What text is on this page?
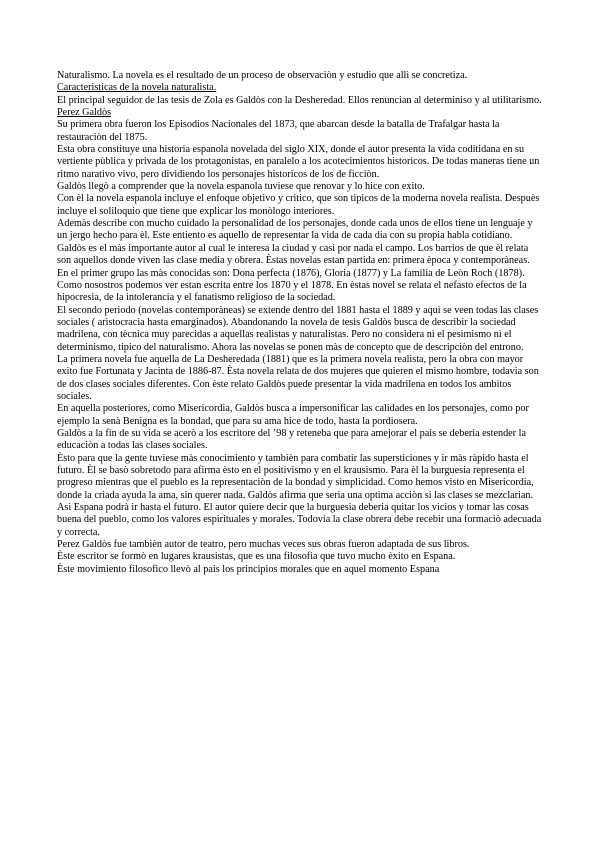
Naturalismo. La novela es el resultado de un proceso de observaciòn y estudio que allì se concretiza.

Caracteristicas de la novela naturalista.

El principal seguidor de las tesis de Zola es Galdòs con la Desheredad. Ellos renuncian al determiniso y al utilitarismo.

Perez Galdòs

Su primera obra fueron los Episodios Nacionales del 1873, que abarcan desde la batalla de Trafalgar hasta la restauraciòn del 1875.

Esta obra constituye una historia espanola novelada del siglo XIX, donde el autor presenta la vida coditidana en su vertiente pùblica y privada de los protagonistas, en paralelo a los acotecimientos historicos. De todas maneras tiene un ritmo narativo vivo, pero dividiendo los personajes historicos de los de ficciòn.

Galdòs llegò a comprender que la novela espanola tuviese que renovar y lo hice con exito.

Con èl la novela espanola incluye el enfoque objetivo y critico, que son tipicos de la moderna novela realista. Despuès incluye el soliloquio que tiene que explicar los monòlogo interiores.

Ademàs describe con mucho cuidado la personalidad de los personajes, donde cada unos de ellos tiene un lenguaje y un jergo hecho para èl. Este entiento es aquello de representar la vida de cada dia con su propia habla cotidiano.

Galdòs es el màs importante autor al cual le interesa la ciudad y casi por nada el campo. Los barrios de que èl relata son aquellos donde viven las clase media y obrera. Èstas novelas estan partida en: primera època y contemporàneas.

En el primer grupo las màs conocidas son: Dona perfecta (1876), Gloria (1877) y La familia de Leòn Roch (1878). Como nosostros podemos ver estan escrita entre los 1870 y el 1878. En èstas novel se relata el nefasto efectos de la hipocresia, de la intolerancia y el fanatismo religioso de la sociedad.

El secondo periodo (novelas contemporàneas) se extende dentro del 1881 hasta el 1889 y aquì se veen todas las clases sociales ( aristocracia hasta emarginados). Abandonando la novela de tesis Galdòs busca de describir la sociedad madrilena, con tècnica muy parecidas a aquellas realistas y naturalistas. Pero no considera nì el pesimismo nì el determinismo, tipico del naturalismo. Ahora las novelas se ponen màs de concepto que de descripciòn del entrono.

La primera novela fue aquella de La Desheredada (1881) que es la primera novela realista, pero la obra con mayor exito fue Fortunata y Jacinta de 1886-87. Èsta novela relata de dos mujeres que quieren el mismo hombre, todavia son de dos clases sociales diferentes. Con èste relato Galdòs puede presentar la vida madrilena en todos los ambitos sociales.

En aquella posteriores, como Misericordia, Galdòs busca a impersonificar las calidades en los personajes, como por ejemplo la senà Benigna es la bondad, que para su ama hice de todo, hasta la pordiosera.

Galdòs a la fin de su vida se acerò a los escritore del ’98 y reteneba que para amejorar el pais se deberia estender la educaciòn a todas las clases sociales.

Èsto para que la gente tuviese màs conocimiento y tambièn para combatir las supersticiones y ir màs ràpido hasta el futuro. Èl se basò sobretodo para afirma èsto en el positivismo y en el krausismo. Para èl la burguesia representa el progreso mientras que el pueblo es la representaciòn de la bondad y simplicidad. Como hemos visto en Misericordia, donde la criada ayuda la ama, sin querer nada. Galdòs afirma que seria una optima acciòn si las clases se mezclarian. Asì Espana podrà ir hasta el futuro. El autor quiere decir que la burguesia deberia quitar los vicios y tomar las cosas buena del pueblo, como los valores espirituales y morales. Todovia la clase obrera debe recebir una formaciò adecuada y correcta.

Perez Galdòs fue tambièn autor de teatro, pero muchas veces sus obras fueron adaptada de sus libros.

Èste escritor se formò en lugares krausistas, que es una filosofia que tuvo mucho èxito en Espana.

Èste movimiento filosofico llevò al pais los principios morales que en aquel momento Espana
